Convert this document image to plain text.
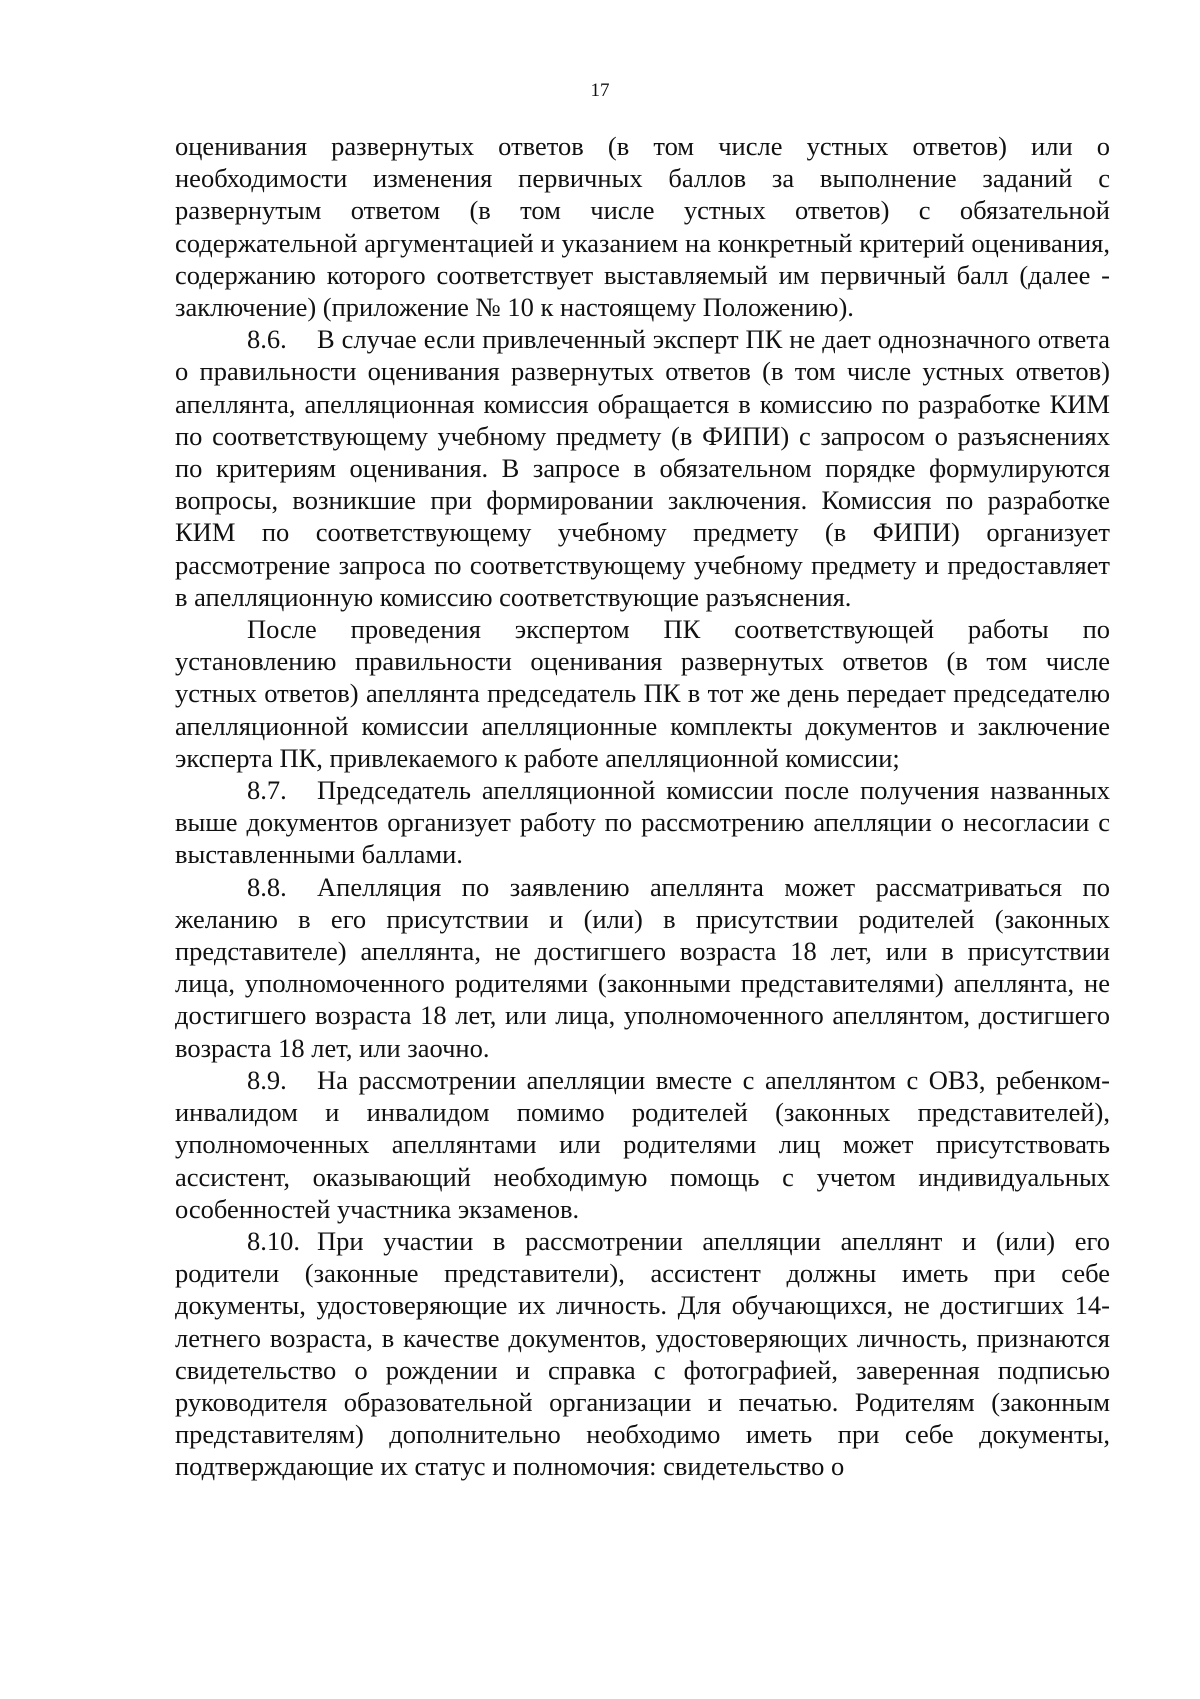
17

оценивания развернутых ответов (в том числе устных ответов) или о необходимости изменения первичных баллов за выполнение заданий с развернутым ответом (в том числе устных ответов) с обязательной содержательной аргументацией и указанием на конкретный критерий оценивания, содержанию которого соответствует выставляемый им первичный балл (далее - заключение) (приложение № 10 к настоящему Положению).

8.6. В случае если привлеченный эксперт ПК не дает однозначного ответа о правильности оценивания развернутых ответов (в том числе устных ответов) апеллянта, апелляционная комиссия обращается в комиссию по разработке КИМ по соответствующему учебному предмету (в ФИПИ) с запросом о разъяснениях по критериям оценивания. В запросе в обязательном порядке формулируются вопросы, возникшие при формировании заключения. Комиссия по разработке КИМ по соответствующему учебному предмету (в ФИПИ) организует рассмотрение запроса по соответствующему учебному предмету и предоставляет в апелляционную комиссию соответствующие разъяснения.

После проведения экспертом ПК соответствующей работы по установлению правильности оценивания развернутых ответов (в том числе устных ответов) апеллянта председатель ПК в тот же день передает председателю апелляционной комиссии апелляционные комплекты документов и заключение эксперта ПК, привлекаемого к работе апелляционной комиссии;

8.7. Председатель апелляционной комиссии после получения названных выше документов организует работу по рассмотрению апелляции о несогласии с выставленными баллами.

8.8. Апелляция по заявлению апеллянта может рассматриваться по желанию в его присутствии и (или) в присутствии родителей (законных представителе) апеллянта, не достигшего возраста 18 лет, или в присутствии лица, уполномоченного родителями (законными представителями) апеллянта, не достигшего возраста 18 лет, или лица, уполномоченного апеллянтом, достигшего возраста 18 лет, или заочно.

8.9. На рассмотрении апелляции вместе с апеллянтом с ОВЗ, ребенком-инвалидом и инвалидом помимо родителей (законных представителей), уполномоченных апеллянтами или родителями лиц может присутствовать ассистент, оказывающий необходимую помощь с учетом индивидуальных особенностей участника экзаменов.

8.10. При участии в рассмотрении апелляции апеллянт и (или) его родители (законные представители), ассистент должны иметь при себе документы, удостоверяющие их личность. Для обучающихся, не достигших 14-летнего возраста, в качестве документов, удостоверяющих личность, признаются свидетельство о рождении и справка с фотографией, заверенная подписью руководителя образовательной организации и печатью. Родителям (законным представителям) дополнительно необходимо иметь при себе документы, подтверждающие их статус и полномочия: свидетельство о
